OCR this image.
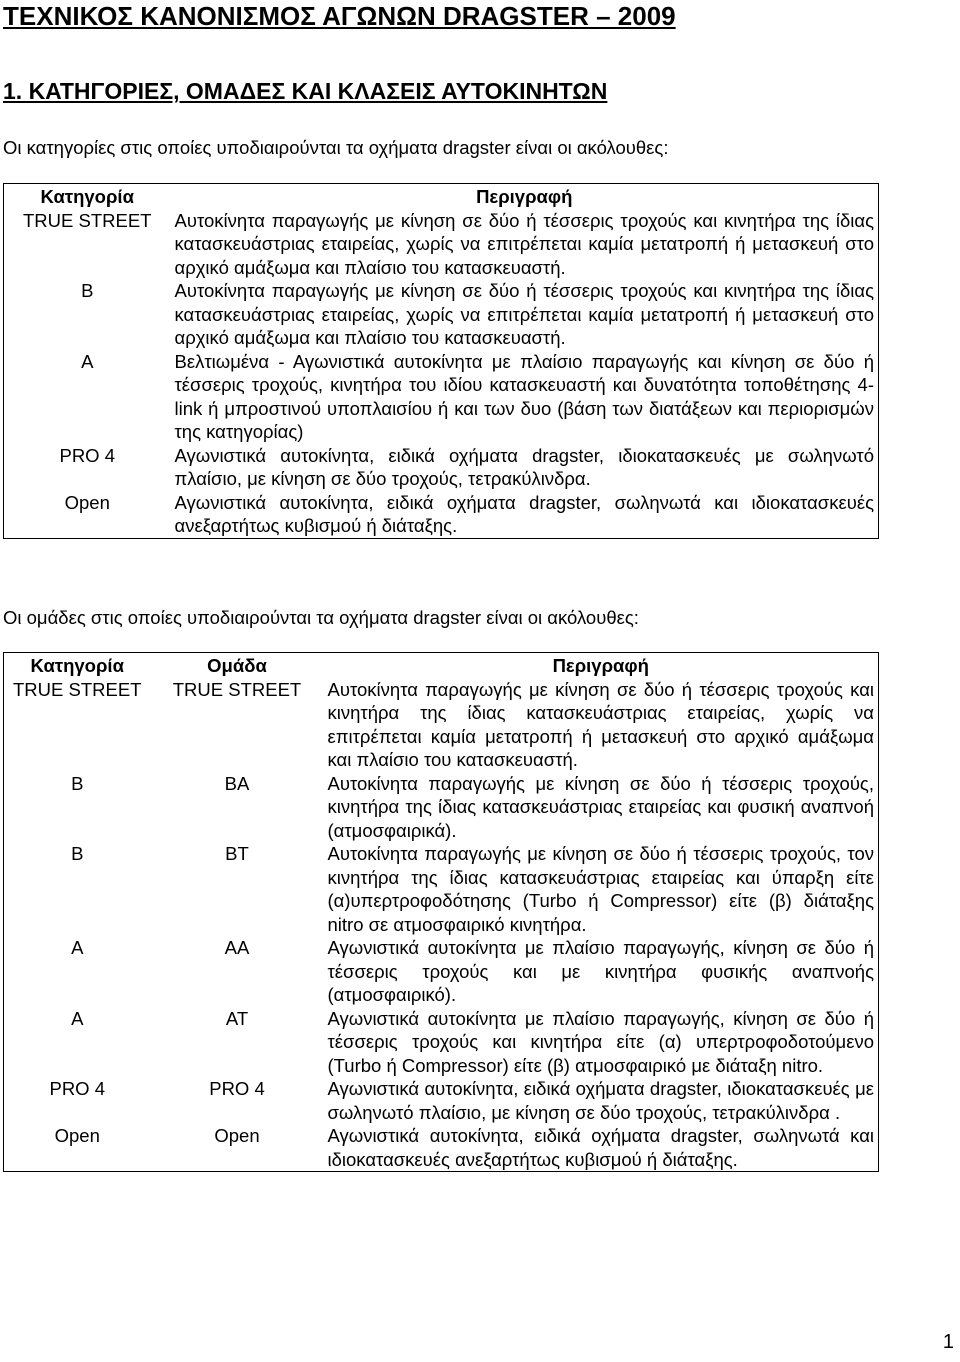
ΤΕΧΝΙΚΟΣ ΚΑΝΟΝΙΣΜΟΣ ΑΓΩΝΩΝ DRAGSTER – 2009
1. ΚΑΤΗΓΟΡΙΕΣ, ΟΜΑΔΕΣ ΚΑΙ ΚΛΑΣΕΙΣ ΑΥΤΟΚΙΝΗΤΩΝ
Οι κατηγορίες στις οποίες υποδιαιρούνται τα οχήματα dragster είναι οι ακόλουθες:
Κατηγορία	Περιγραφή
TRUE STREET	Αυτοκίνητα παραγωγής με κίνηση σε δύο ή τέσσερις τροχούς και κινητήρα της ίδιας κατασκευάστριας εταιρείας, χωρίς να επιτρέπεται καμία μετατροπή ή μετασκευή στο αρχικό αμάξωμα και πλαίσιο του κατασκευαστή.
B	Αυτοκίνητα παραγωγής με κίνηση σε δύο ή τέσσερις τροχούς και κινητήρα της ίδιας κατασκευάστριας εταιρείας, χωρίς να επιτρέπεται καμία μετατροπή ή μετασκευή στο αρχικό αμάξωμα και πλαίσιο του κατασκευαστή.
A	Βελτιωμένα - Αγωνιστικά αυτοκίνητα με πλαίσιο παραγωγής και κίνηση σε δύο ή τέσσερις τροχούς, κινητήρα του ιδίου κατασκευαστή και δυνατότητα τοποθέτησης 4-link ή μπροστινού υποπλαισίου ή και των δυο (βάση των διατάξεων και περιορισμών της κατηγορίας)
PRO 4	Αγωνιστικά αυτοκίνητα, ειδικά οχήματα dragster, ιδιοκατασκευές με σωληνωτό πλαίσιο, με κίνηση σε δύο τροχούς, τετρακύλινδρα.
Open	Αγωνιστικά αυτοκίνητα, ειδικά οχήματα dragster, σωληνωτά και ιδιοκατασκευές ανεξαρτήτως κυβισμού ή διάταξης.
Οι ομάδες στις οποίες υποδιαιρούνται τα οχήματα dragster είναι οι ακόλουθες:
Κατηγορία	Ομάδα	Περιγραφή
TRUE STREET	TRUE STREET	Αυτοκίνητα παραγωγής με κίνηση σε δύο ή τέσσερις τροχούς και κινητήρα της ίδιας κατασκευάστριας εταιρείας, χωρίς να επιτρέπεται καμία μετατροπή ή μετασκευή στο αρχικό αμάξωμα και πλαίσιο του κατασκευαστή.
B	BA	Αυτοκίνητα παραγωγής με κίνηση σε δύο ή τέσσερις τροχούς, κινητήρα της ίδιας κατασκευάστριας εταιρείας και φυσική αναπνοή (ατμοσφαιρικά).
B	BT	Αυτοκίνητα παραγωγής με κίνηση σε δύο ή τέσσερις τροχούς, τον κινητήρα της ίδιας κατασκευάστριας εταιρείας και ύπαρξη είτε (α)υπερτροφοδότησης (Turbo ή Compressor) είτε (β) διάταξης nitro σε ατμοσφαιρικό κινητήρα.
A	AA	Αγωνιστικά αυτοκίνητα με πλαίσιο παραγωγής, κίνηση σε δύο ή τέσσερις τροχούς και με κινητήρα φυσικής αναπνοής (ατμοσφαιρικό).
A	AT	Αγωνιστικά αυτοκίνητα με πλαίσιο παραγωγής, κίνηση σε δύο ή τέσσερις τροχούς και κινητήρα είτε (α) υπερτροφοδοτούμενο (Turbo ή Compressor) είτε (β) ατμοσφαιρικό με διάταξη nitro.
PRO 4	PRO 4	Αγωνιστικά αυτοκίνητα, ειδικά οχήματα dragster, ιδιοκατασκευές με σωληνωτό πλαίσιο, με κίνηση σε δύο τροχούς, τετρακύλινδρα .
Open	Open	Αγωνιστικά αυτοκίνητα, ειδικά οχήματα dragster, σωληνωτά και ιδιοκατασκευές ανεξαρτήτως κυβισμού ή διάταξης.
1
